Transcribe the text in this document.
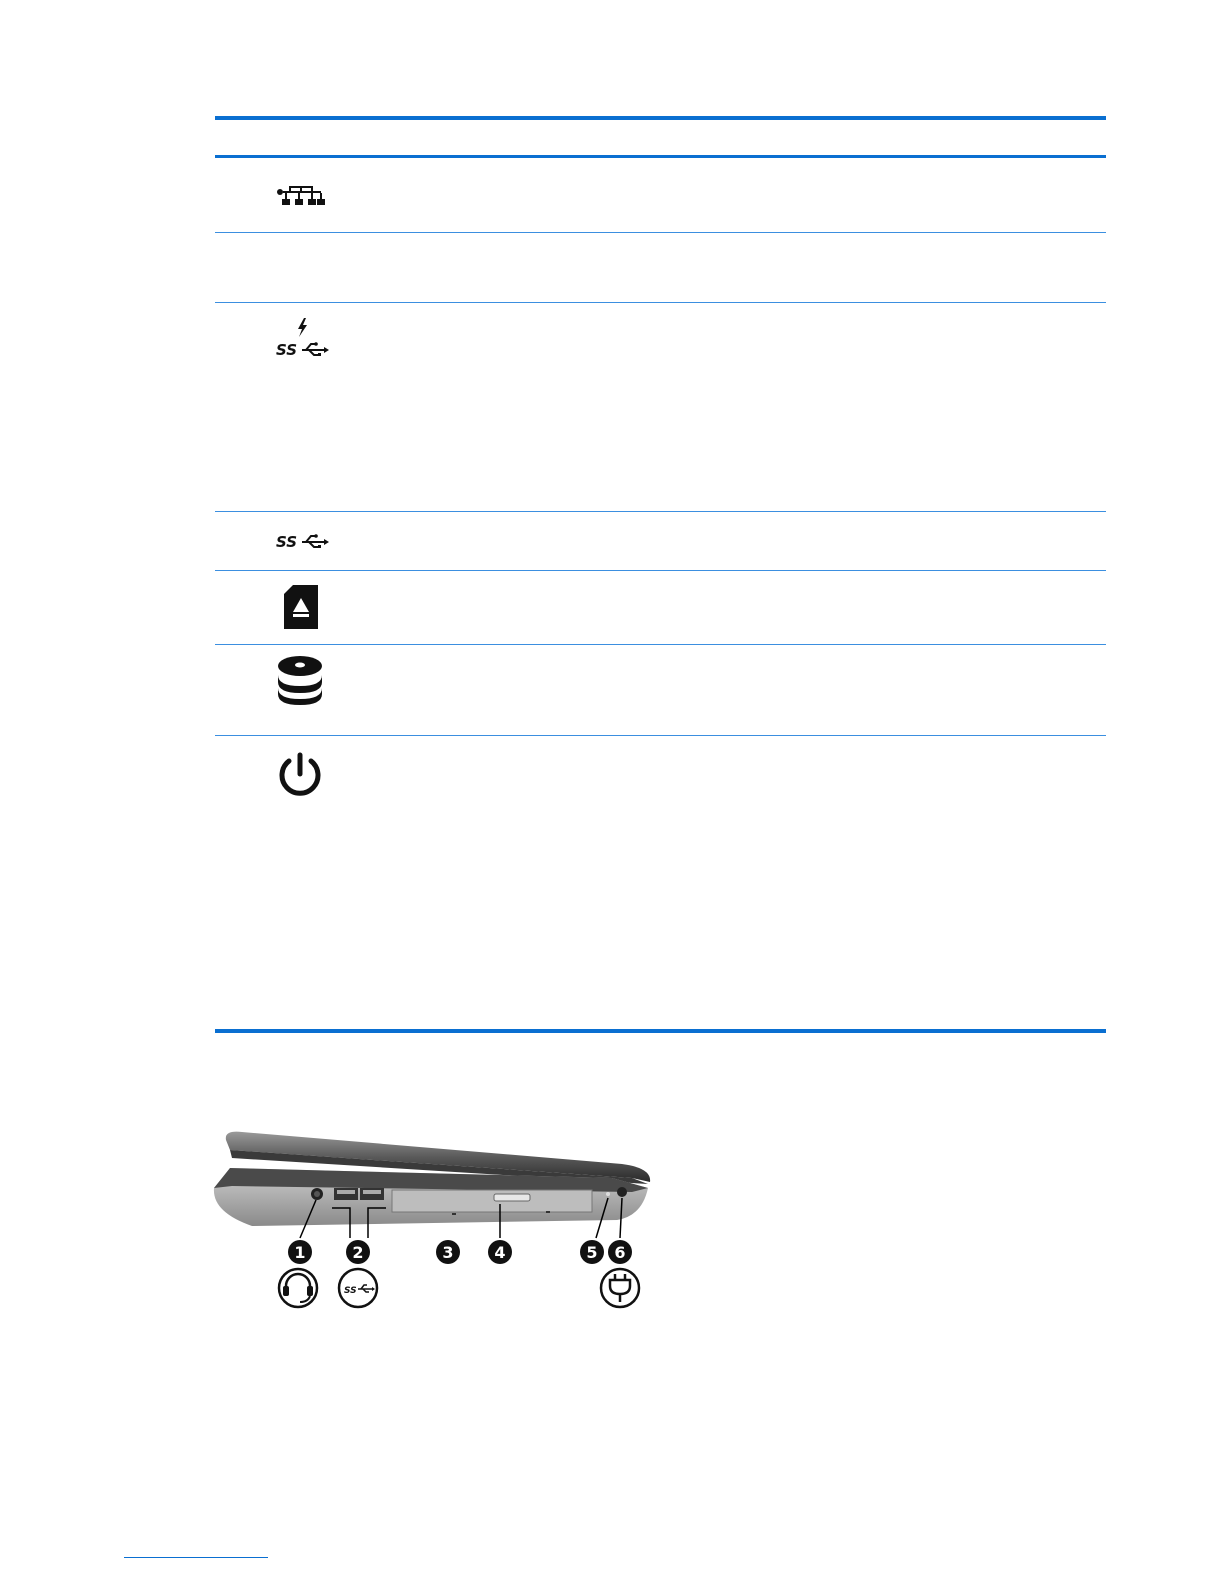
SS
SS
1	2	3	4	5 6
SS
